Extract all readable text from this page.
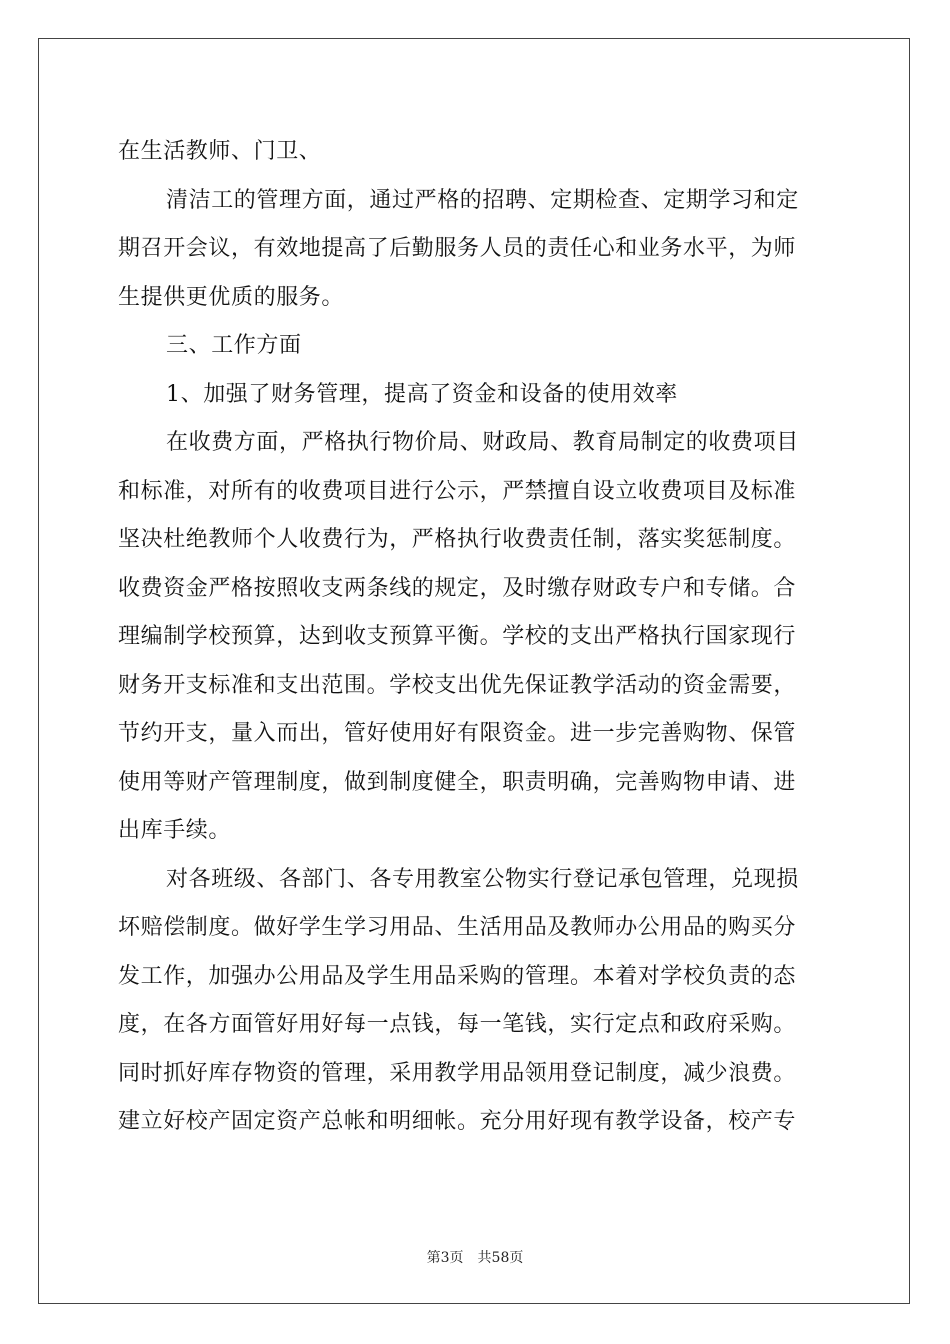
在生活教师、门卫、
清洁工的管理方面，通过严格的招聘、定期检查、定期学习和定
期召开会议，有效地提高了后勤服务人员的责任心和业务水平，为师
生提供更优质的服务。
三、工作方面
1、加强了财务管理，提高了资金和设备的使用效率
在收费方面，严格执行物价局、财政局、教育局制定的收费项目
和标准，对所有的收费项目进行公示，严禁擅自设立收费项目及标准
坚决杜绝教师个人收费行为，严格执行收费责任制，落实奖惩制度。
收费资金严格按照收支两条线的规定，及时缴存财政专户和专储。合
理编制学校预算，达到收支预算平衡。学校的支出严格执行国家现行
财务开支标准和支出范围。学校支出优先保证教学活动的资金需要，
节约开支，量入而出，管好使用好有限资金。进一步完善购物、保管
使用等财产管理制度，做到制度健全，职责明确，完善购物申请、进
出库手续。
对各班级、各部门、各专用教室公物实行登记承包管理，兑现损
坏赔偿制度。做好学生学习用品、生活用品及教师办公用品的购买分
发工作，加强办公用品及学生用品采购的管理。本着对学校负责的态
度，在各方面管好用好每一点钱，每一笔钱，实行定点和政府采购。
同时抓好库存物资的管理，采用教学用品领用登记制度，减少浪费。
建立好校产固定资产总帐和明细帐。充分用好现有教学设备，校产专
第3页　共58页
